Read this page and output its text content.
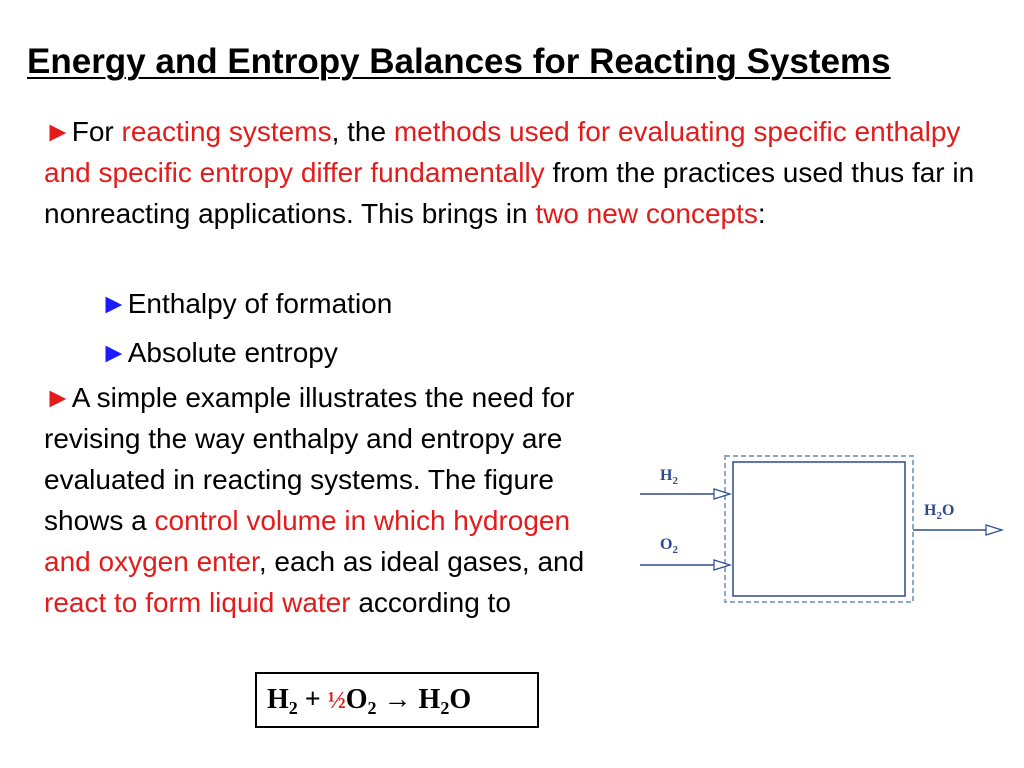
Energy and Entropy Balances for Reacting Systems

►For reacting systems, the methods used for evaluating specific enthalpy and specific entropy differ fundamentally from the practices used thus far in nonreacting applications. This brings in two new concepts:

►Enthalpy of formation
►Absolute entropy

►A simple example illustrates the need for revising the way enthalpy and entropy are evaluated in reacting systems. The figure shows a control volume in which hydrogen and oxygen enter, each as ideal gases, and react to form liquid water according to

$H_2$ + $\frac{1}{2}O_2 \to H_2O$
$H_2$
$O_2$
$H_2O$
